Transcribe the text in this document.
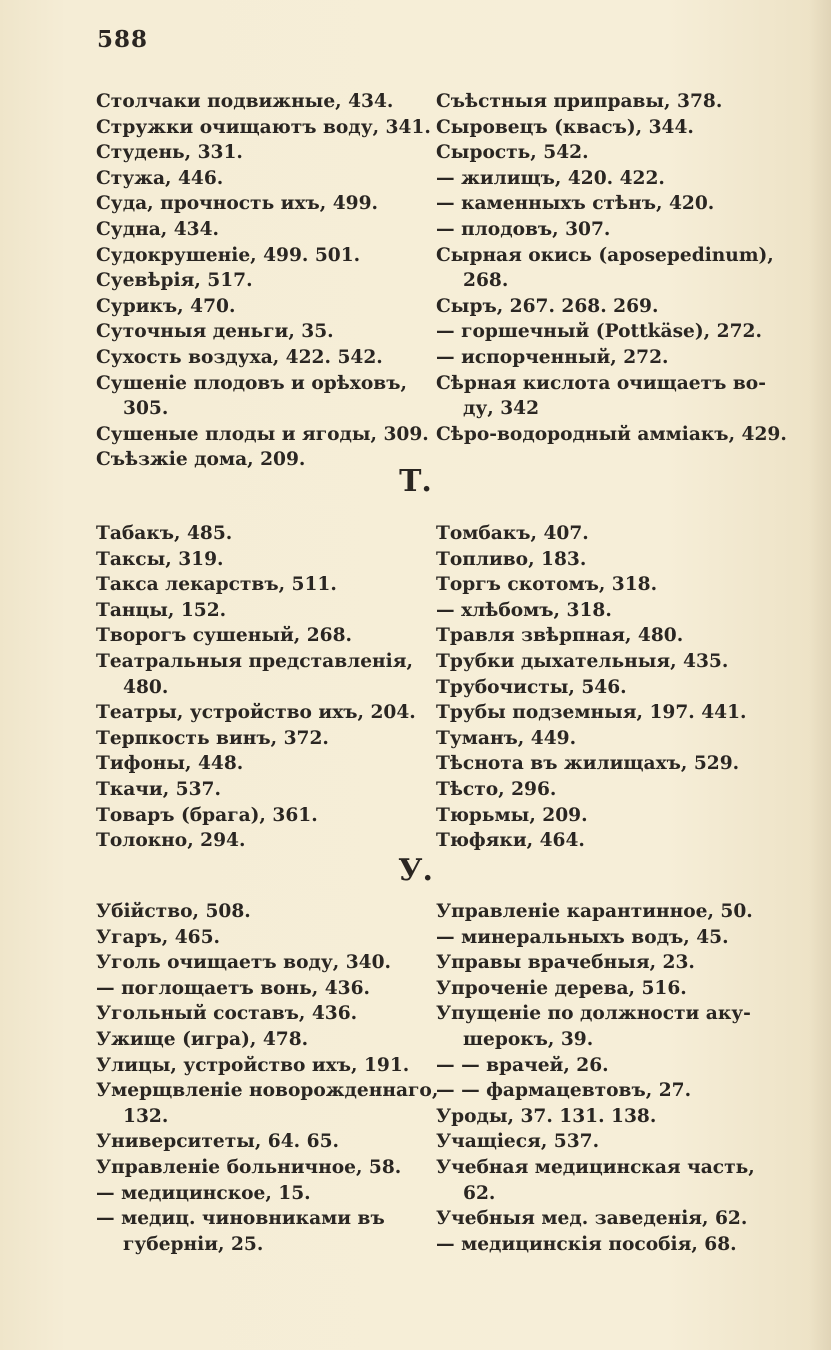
588
Столчаки подвижные, 434.
Стружки очищаютъ воду, 341.
Студень, 331.
Стужа, 446.
Суда, прочность ихъ, 499.
Судна, 434.
Судокрушеніе, 499. 501.
Суевѣрія, 517.
Сурикъ, 470.
Суточныя деньги, 35.
Сухость воздуха, 422. 542.
Сушеніе плодовъ и орѣховъ,
305.
Сушеные плоды и ягоды, 309.
Съѣзжіе дома, 209.
Съѣстныя приправы, 378.
Сыровецъ (квасъ), 344.
Сырость, 542.
— жилищъ, 420. 422.
— каменныхъ стѣнъ, 420.
— плодовъ, 307.
Сырная окись (aposepedinum),
268.
Сыръ, 267. 268. 269.
— горшечный (Pottkäse), 272.
— испорченный, 272.
Сѣрная кислота очищаетъ во-
ду, 342
Сѣро-водородный амміакъ, 429.
Т.
Табакъ, 485.
Таксы, 319.
Такса лекарствъ, 511.
Танцы, 152.
Творогъ сушеный, 268.
Театральныя представленія,
480.
Театры, устройство ихъ, 204.
Терпкость винъ, 372.
Тифоны, 448.
Ткачи, 537.
Товаръ (брага), 361.
Толокно, 294.
Томбакъ, 407.
Топливо, 183.
Торгъ скотомъ, 318.
— хлѣбомъ, 318.
Травля звѣрпная, 480.
Трубки дыхательныя, 435.
Трубочисты, 546.
Трубы подземныя, 197. 441.
Туманъ, 449.
Тѣснота въ жилищахъ, 529.
Тѣсто, 296.
Тюрьмы, 209.
Тюфяки, 464.
У.
Убійство, 508.
Угаръ, 465.
Уголь очищаетъ воду, 340.
— поглощаетъ вонь, 436.
Угольный составъ, 436.
Ужище (игра), 478.
Улицы, устройство ихъ, 191.
Умерщвленіе новорожденнаго,
132.
Университеты, 64. 65.
Управленіе больничное, 58.
— медицинское, 15.
— медиц. чиновниками въ
губерніи, 25.
Управленіе карантинное, 50.
— минеральныхъ водъ, 45.
Управы врачебныя, 23.
Упроченіе дерева, 516.
Упущеніе по должности аку-
шерокъ, 39.
— — врачей, 26.
— — фармацевтовъ, 27.
Уроды, 37. 131. 138.
Учащіеся, 537.
Учебная медицинская часть,
62.
Учебныя мед. заведенія, 62.
— медицинскія пособія, 68.
